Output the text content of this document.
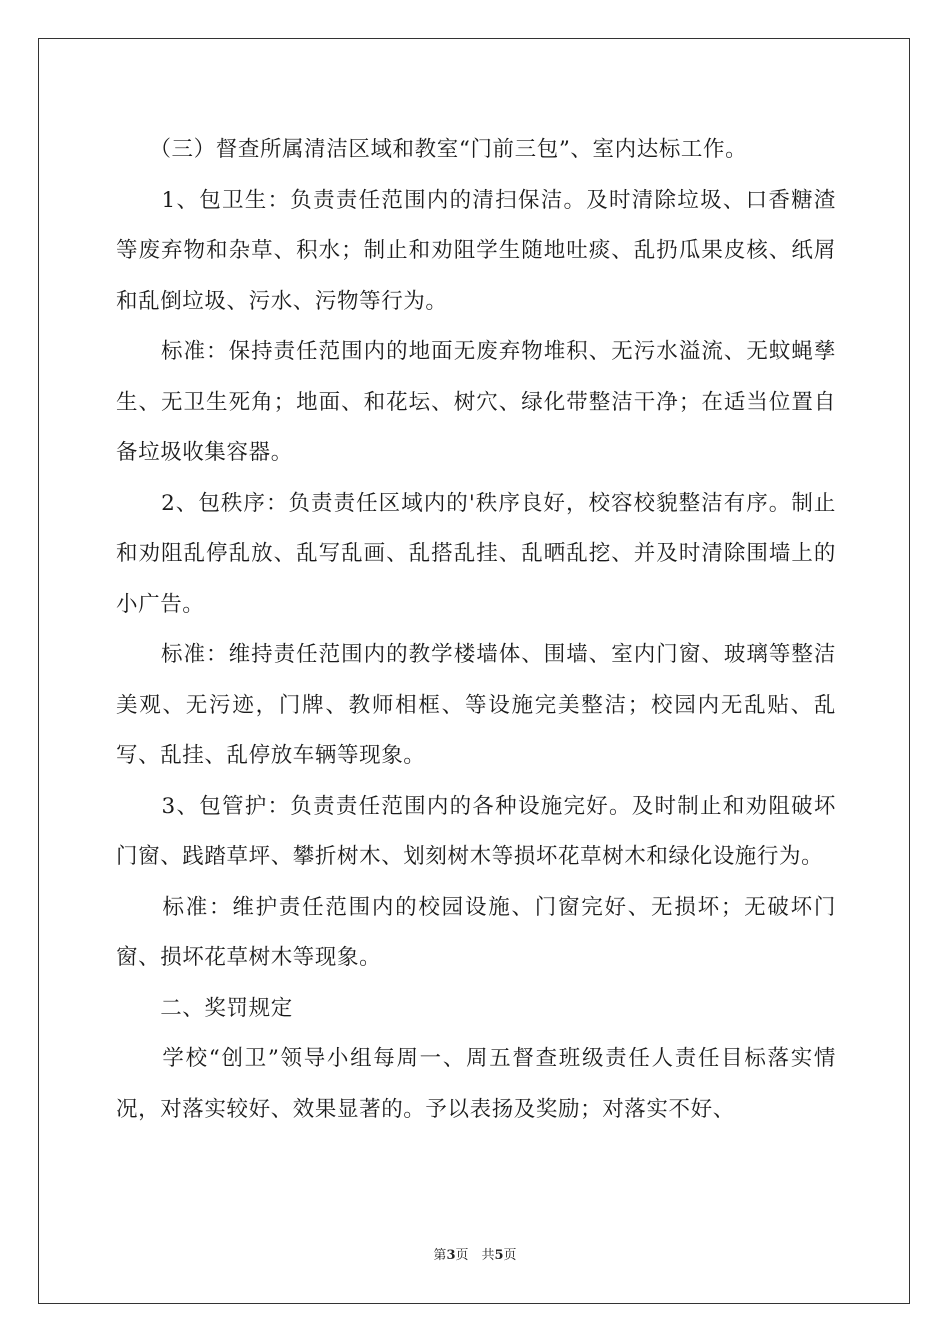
　　（三）督查所属清洁区域和教室“门前三包”、室内达标工作。

　　1、包卫生：负责责任范围内的清扫保洁。及时清除垃圾、口香糖渣等废弃物和杂草、积水；制止和劝阻学生随地吐痰、乱扔瓜果皮核、纸屑和乱倒垃圾、污水、污物等行为。

　　标准：保持责任范围内的地面无废弃物堆积、无污水溢流、无蚊蝇孳生、无卫生死角；地面、和花坛、树穴、绿化带整洁干净；在适当位置自备垃圾收集容器。

　　2、包秩序：负责责任区域内的'秩序良好，校容校貌整洁有序。制止和劝阻乱停乱放、乱写乱画、乱搭乱挂、乱晒乱挖、并及时清除围墙上的小广告。

　　标准：维持责任范围内的教学楼墙体、围墙、室内门窗、玻璃等整洁美观、无污迹，门牌、教师相框、等设施完美整洁；校园内无乱贴、乱写、乱挂、乱停放车辆等现象。

　　3、包管护：负责责任范围内的各种设施完好。及时制止和劝阻破坏门窗、践踏草坪、攀折树木、划刻树木等损坏花草树木和绿化设施行为。

　　标准：维护责任范围内的校园设施、门窗完好、无损坏；无破坏门窗、损坏花草树木等现象。

　　二、奖罚规定

　　学校“创卫”领导小组每周一、周五督查班级责任人责任目标落实情况，对落实较好、效果显著的。予以表扬及奖励；对落实不好、

第3页　共5页
